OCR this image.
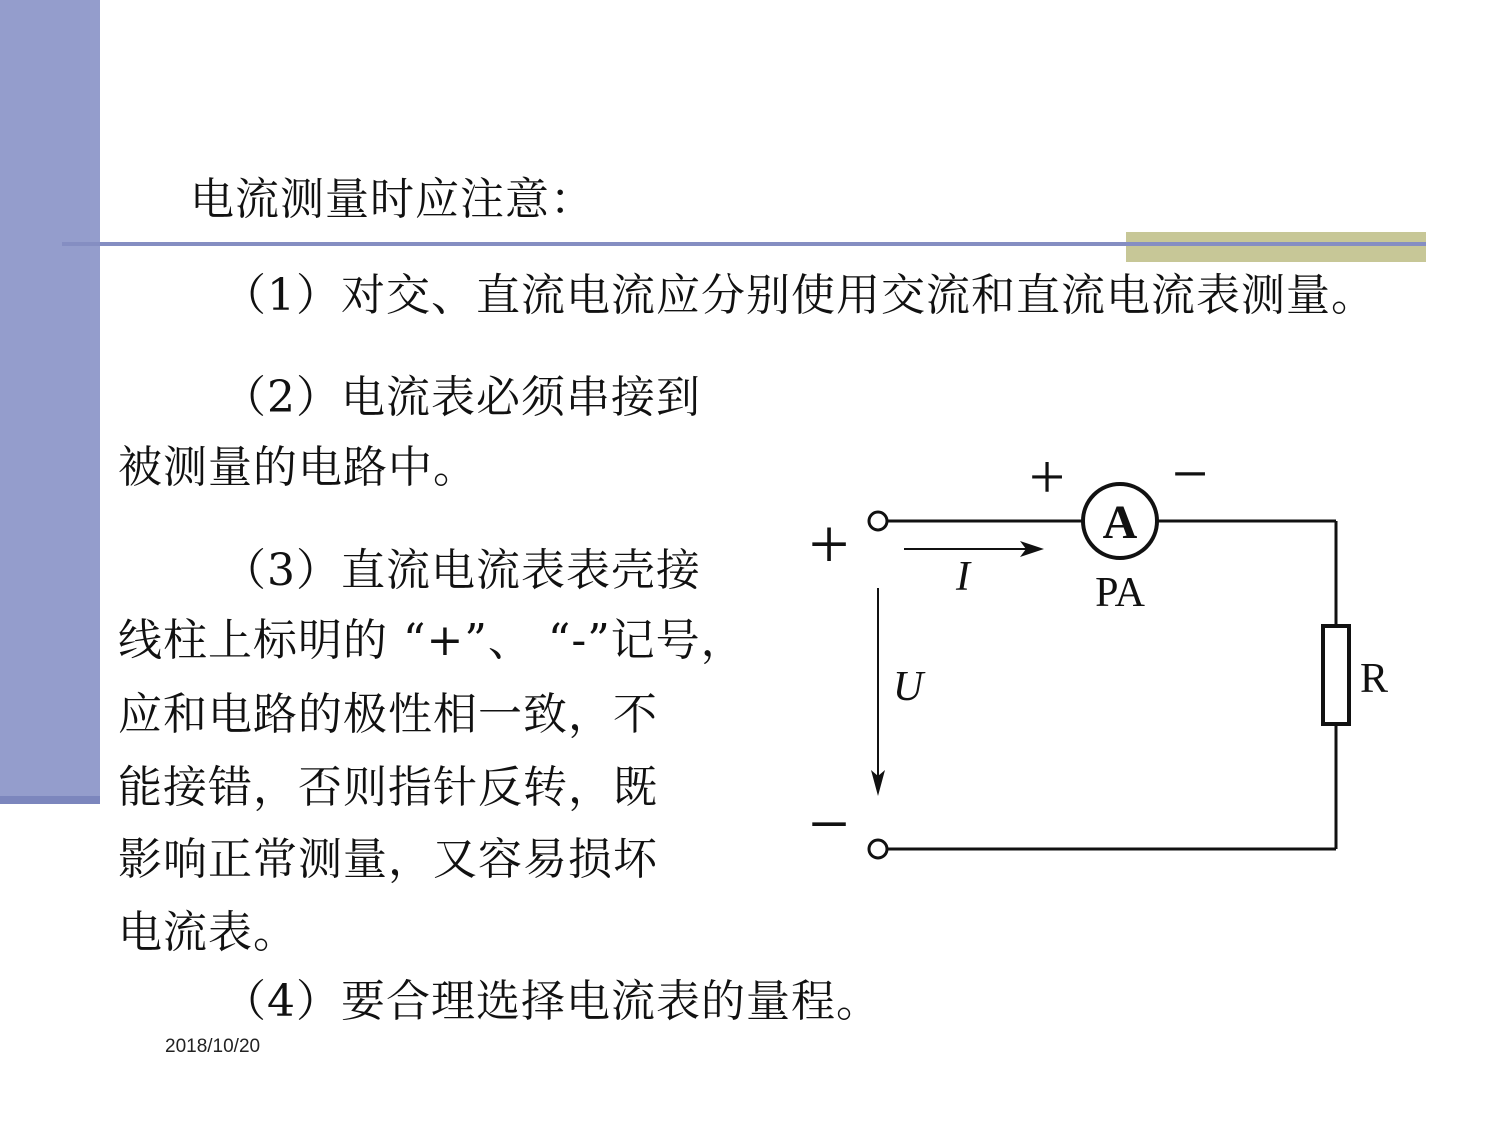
电流测量时应注意：
（1）对交、直流电流应分别使用交流和直流电流表测量。
（2）电流表必须串接到
被测量的电路中。
（3）直流电流表表壳接
线柱上标明的 “+”、 “-”记号，
应和电路的极性相一致，不
能接错，否则指针反转，既
影响正常测量，又容易损坏
电流表。
（4）要合理选择电流表的量程。
2018/10/20
A
PA
+ −
+
−
I
U	R
